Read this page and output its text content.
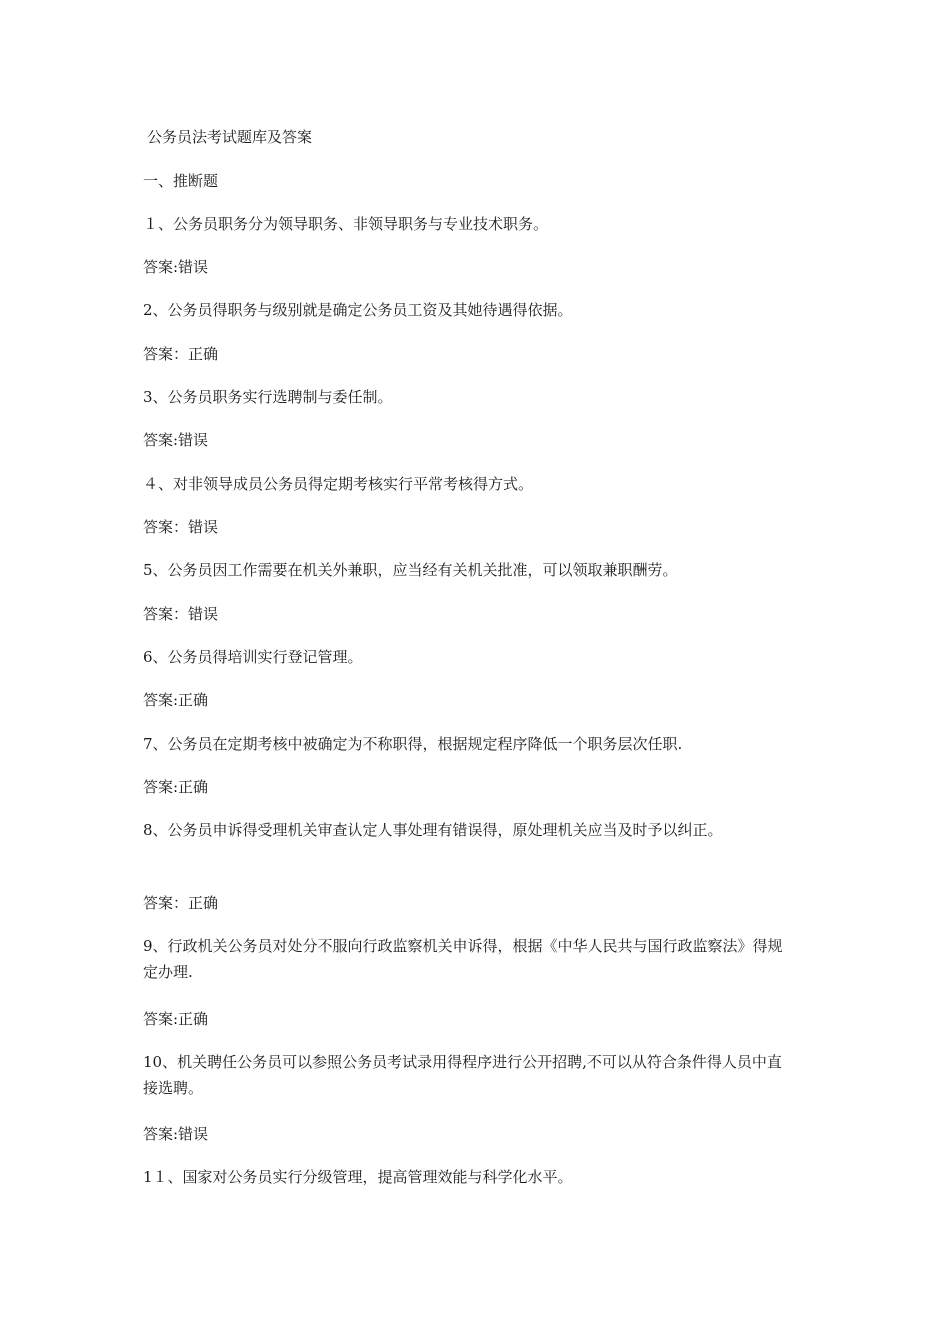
公务员法考试题库及答案
一、推断题
１、公务员职务分为领导职务、非领导职务与专业技术职务。
答案:错误
2、公务员得职务与级别就是确定公务员工资及其她待遇得依据。
答案：正确
3、公务员职务实行选聘制与委任制。
答案:错误
４、对非领导成员公务员得定期考核实行平常考核得方式。
答案：错误
5、公务员因工作需要在机关外兼职，应当经有关机关批准，可以领取兼职酬劳。
答案：错误
6、公务员得培训实行登记管理。
答案:正确
7、公务员在定期考核中被确定为不称职得，根据规定程序降低一个职务层次任职.
答案:正确
8、公务员申诉得受理机关审查认定人事处理有错误得，原处理机关应当及时予以纠正。
答案：正确
9、行政机关公务员对处分不服向行政监察机关申诉得，根据《中华人民共与国行政监察法》得规定办理.
答案:正确
10、机关聘任公务员可以参照公务员考试录用得程序进行公开招聘,不可以从符合条件得人员中直接选聘。
答案:错误
1１、国家对公务员实行分级管理，提高管理效能与科学化水平。
